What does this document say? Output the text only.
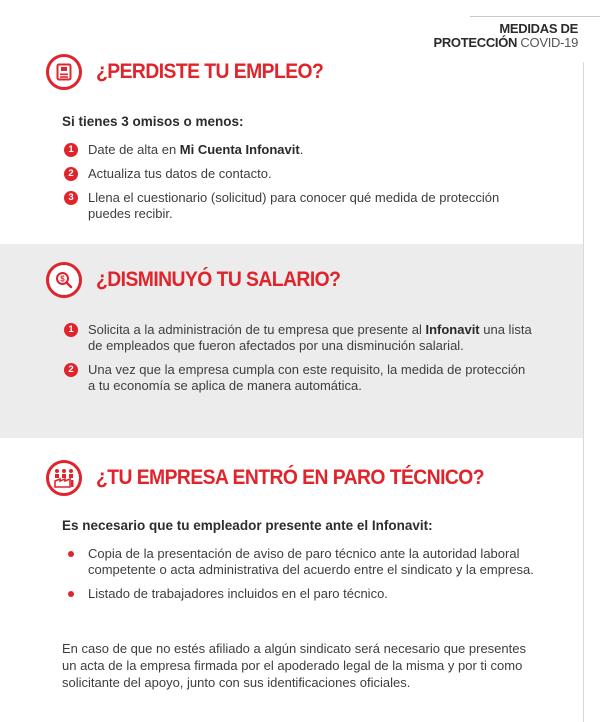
MEDIDAS DE
PROTECCIÓN COVID-19
¿PERDISTE TU EMPLEO?
Si tienes 3 omisos o menos:
1	Date de alta en Mi Cuenta Infonavit.
2	Actualiza tus datos de contacto.
3	Llena el cuestionario (solicitud) para conocer qué medida de protección puedes recibir.
$ ¿DISMINUYÓ TU SALARIO?
1	Solicita a la administración de tu empresa que presente al Infonavit una lista de empleados que fueron afectados por una disminución salarial.
2	Una vez que la empresa cumpla con este requisito, la medida de protección a tu economía se aplica de manera automática.
¿TU EMPRESA ENTRÓ EN PARO TÉCNICO?
Es necesario que tu empleador presente ante el Infonavit:
Copia de la presentación de aviso de paro técnico ante la autoridad laboral competente o acta administrativa del acuerdo entre el sindicato y la empresa.
Listado de trabajadores incluidos en el paro técnico.

En caso de que no estés afiliado a algún sindicato será necesario que presentes un acta de la empresa firmada por el apoderado legal de la misma y por ti como solicitante del apoyo, junto con sus identificaciones oficiales.
